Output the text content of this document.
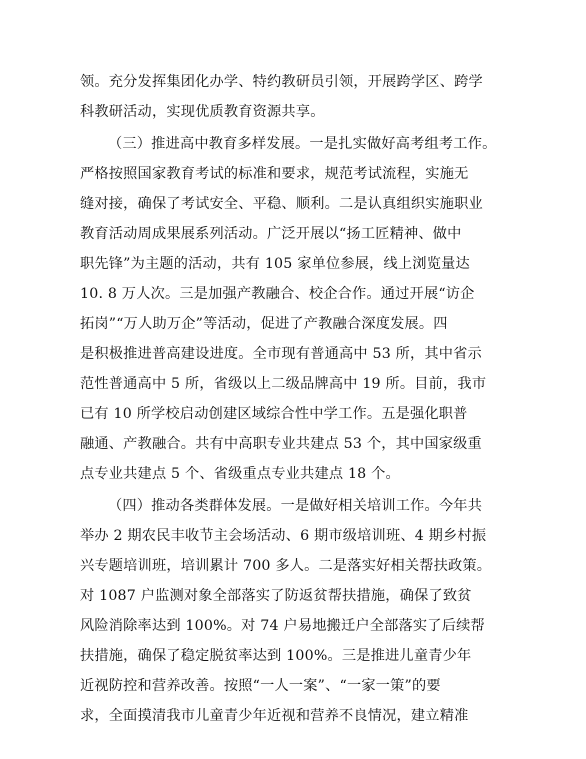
领。充分发挥集团化办学、特约教研员引领，开展跨学区、跨学
科教研活动，实现优质教育资源共享。
（三）推进高中教育多样发展。一是扎实做好高考组考工作。
严格按照国家教育考试的标准和要求，规范考试流程，实施无
缝对接，确保了考试安全、平稳、顺利。二是认真组织实施职业
教育活动周成果展系列活动。广泛开展以“扬工匠精神、做中
职先锋”为主题的活动，共有 105 家单位参展，线上浏览量达
10. 8 万人次。三是加强产教融合、校企合作。通过开展“访企
拓岗”“万人助万企”等活动，促进了产教融合深度发展。四
是积极推进普高建设进度。全市现有普通高中 53 所，其中省示
范性普通高中 5 所，省级以上二级品牌高中 19 所。目前，我市
已有 10 所学校启动创建区域综合性中学工作。五是强化职普
融通、产教融合。共有中高职专业共建点 53 个，其中国家级重
点专业共建点 5 个、省级重点专业共建点 18 个。
（四）推动各类群体发展。一是做好相关培训工作。今年共
举办 2 期农民丰收节主会场活动、6 期市级培训班、4 期乡村振
兴专题培训班，培训累计 700 多人。二是落实好相关帮扶政策。
对 1087 户监测对象全部落实了防返贫帮扶措施，确保了致贫
风险消除率达到 100%。对 74 户易地搬迁户全部落实了后续帮
扶措施，确保了稳定脱贫率达到 100%。三是推进儿童青少年
近视防控和营养改善。按照“一人一案”、“一家一策”的要
求，全面摸清我市儿童青少年近视和营养不良情况，建立精准
